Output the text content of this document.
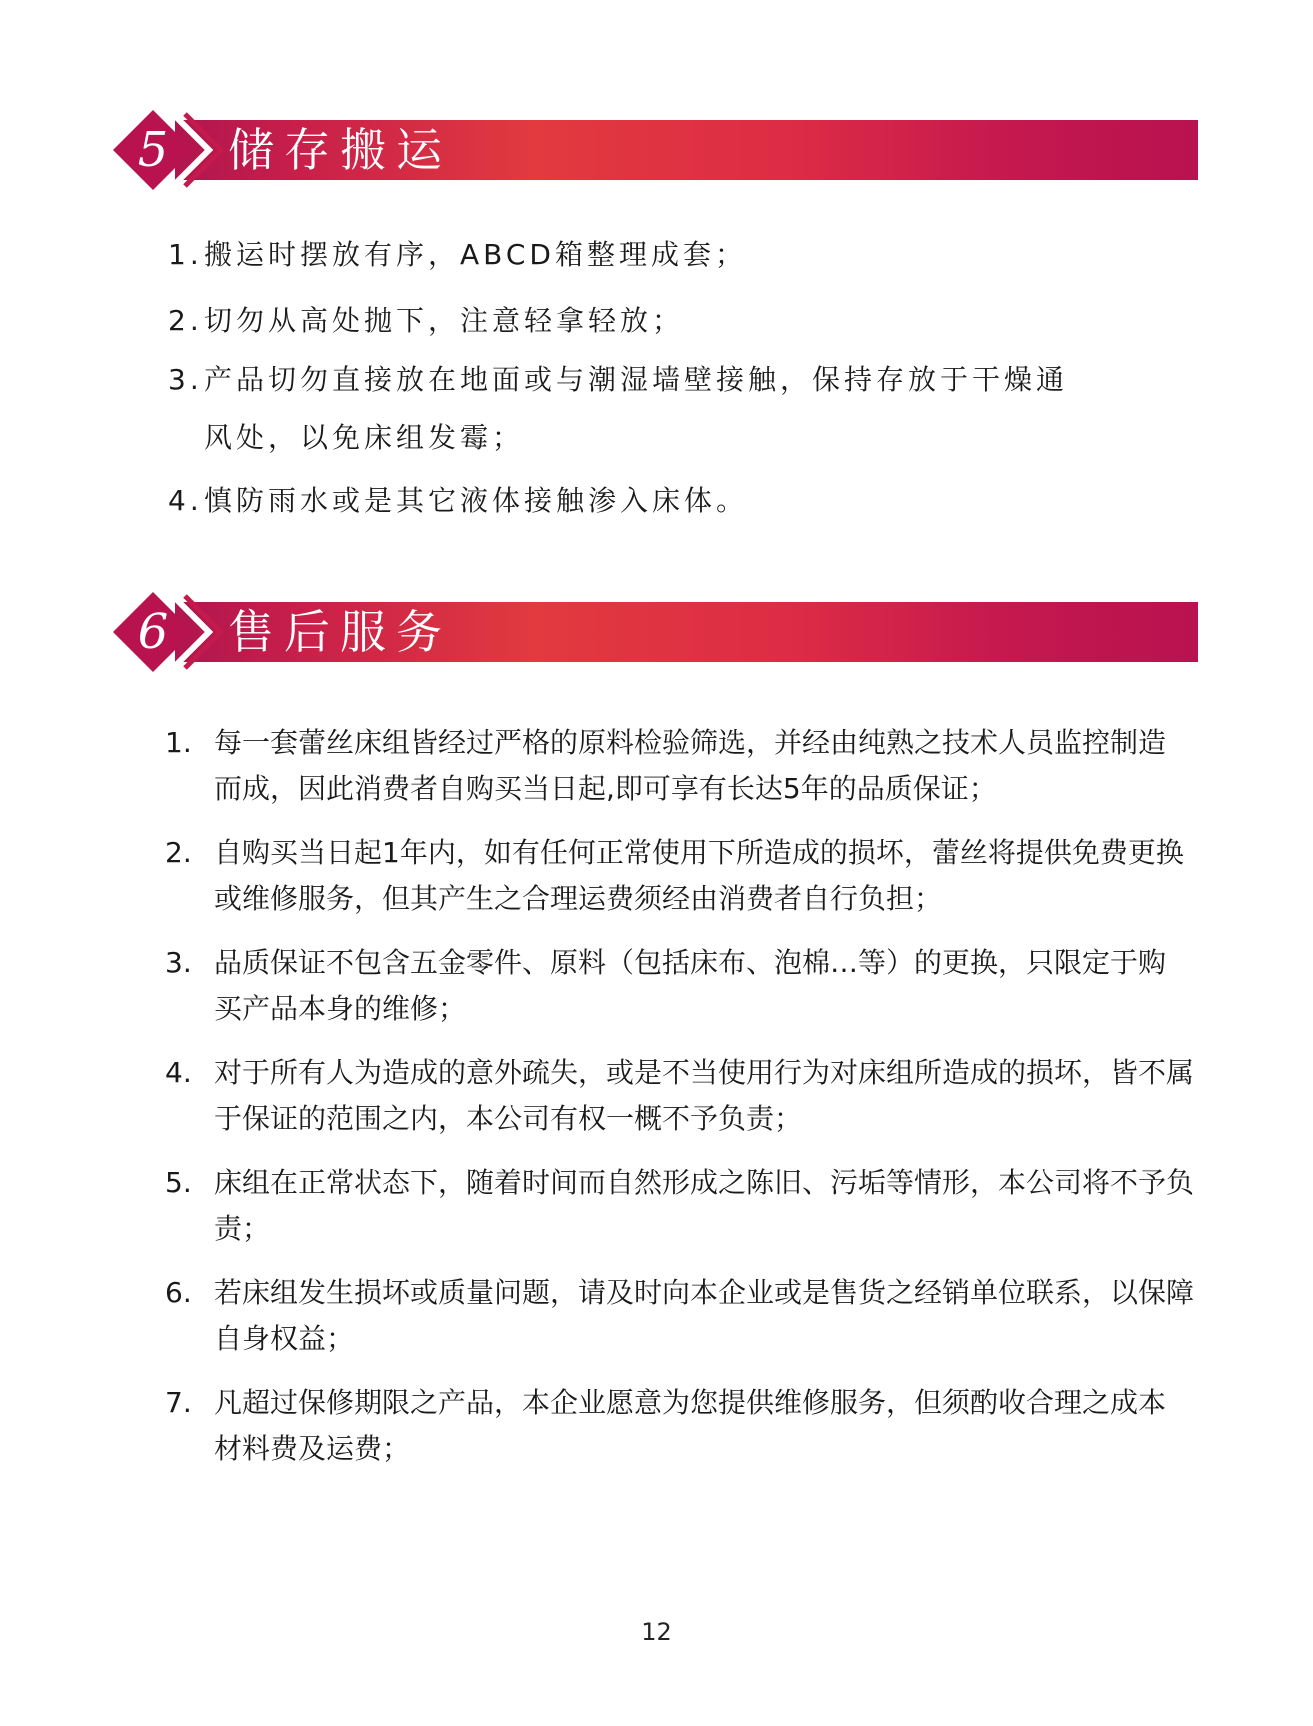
5	储存搬运
1. 搬运时摆放有序，ABCD箱整理成套；
2. 切勿从高处抛下，注意轻拿轻放；
3. 产品切勿直接放在地面或与潮湿墙壁接触，保持存放于干燥通风处，以免床组发霉；
4. 慎防雨水或是其它液体接触渗入床体。
6	售后服务
1. 每一套蕾丝床组皆经过严格的原料检验筛选，并经由纯熟之技术人员监控制造而成，因此消费者自购买当日起,即可享有长达5年的品质保证；
2. 自购买当日起1年内，如有任何正常使用下所造成的损坏，蕾丝将提供免费更换或维修服务，但其产生之合理运费须经由消费者自行负担；
3. 品质保证不包含五金零件、原料（包括床布、泡棉…等）的更换，只限定于购买产品本身的维修；
4. 对于所有人为造成的意外疏失，或是不当使用行为对床组所造成的损坏，皆不属于保证的范围之内，本公司有权一概不予负责；
5. 床组在正常状态下，随着时间而自然形成之陈旧、污垢等情形，本公司将不予负责；
6. 若床组发生损坏或质量问题，请及时向本企业或是售货之经销单位联系，以保障自身权益；
7. 凡超过保修期限之产品，本企业愿意为您提供维修服务，但须酌收合理之成本材料费及运费；
12
